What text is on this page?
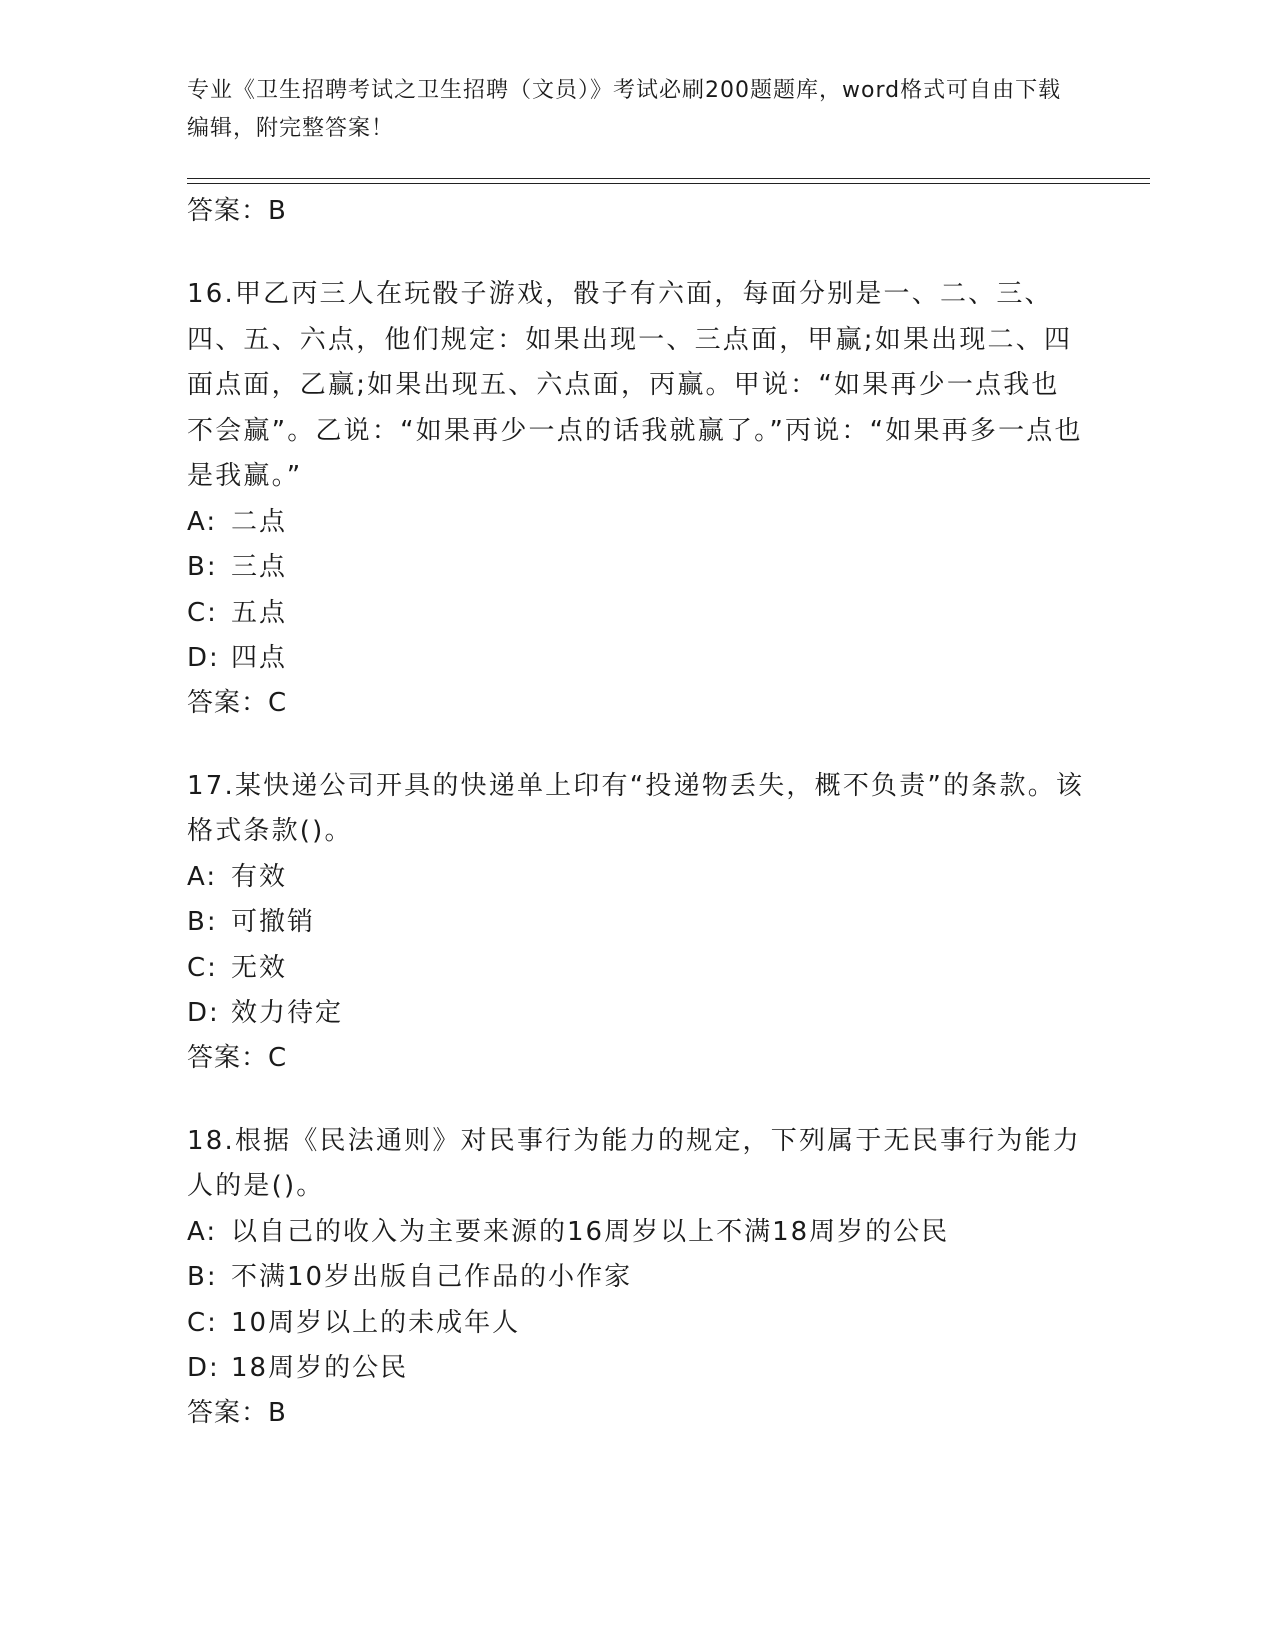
专业《卫生招聘考试之卫生招聘（文员）》考试必刷200题题库，word格式可自由下载编辑，附完整答案！
答案：B

16.甲乙丙三人在玩骰子游戏，骰子有六面，每面分别是一、二、三、四、五、六点，他们规定：如果出现一、三点面，甲赢;如果出现二、四面点面，乙赢;如果出现五、六点面，丙赢。甲说：“如果再少一点我也不会赢”。乙说：“如果再少一点的话我就赢了。”丙说：“如果再多一点也是我赢。”

A: 二点
B: 三点
C: 五点
D: 四点
答案：C

17.某快递公司开具的快递单上印有“投递物丢失，概不负责”的条款。该格式条款()。

A: 有效
B: 可撤销
C: 无效
D: 效力待定
答案：C

18.根据《民法通则》对民事行为能力的规定，下列属于无民事行为能力人的是()。

A: 以自己的收入为主要来源的16周岁以上不满18周岁的公民
B: 不满10岁出版自己作品的小作家
C: 10周岁以上的未成年人
D: 18周岁的公民
答案：B
